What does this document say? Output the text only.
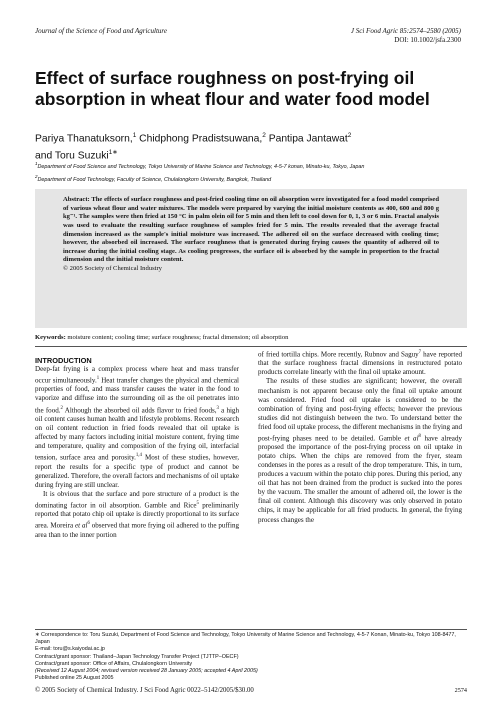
Journal of the Science of Food and Agriculture	J Sci Food Agric 85:2574–2580 (2005)
DOI: 10.1002/jsfa.2300
Effect of surface roughness on post-frying oil absorption in wheat flour and water food model
Pariya Thanatuksorn,$^1$ Chidphong Pradistsuwana,$^2$ Pantipa Jantawat$^2$
and Toru Suzuki$^{1∗}$
$^1$Department of Food Science and Technology, Tokyo University of Marine Science and Technology, 4-5-7 konan, Minato-ku, Tokyo, Japan
$^2$Department of Food Technology, Faculty of Science, Chulalongkorn University, Bangkok, Thailand

Abstract: The effects of surface roughness and post-fried cooling time on oil absorption were investigated for a food model comprised of various wheat flour and water mixtures. The models were prepared by varying the initial moisture contents as 400, 600 and 800 g kg⁻¹. The samples were then fried at 150 °C in palm olein oil for 5 min and then left to cool down for 0, 1, 3 or 6 min. Fractal analysis was used to evaluate the resulting surface roughness of samples fried for 5 min. The results revealed that the average fractal dimension increased as the sample's initial moisture was increased. The adhered oil on the surface decreased with cooling time; however, the absorbed oil increased. The surface roughness that is generated during frying causes the quantity of adhered oil to increase during the initial cooling stage. As cooling progresses, the surface oil is absorbed by the sample in proportion to the fractal dimension and the initial moisture content.

© 2005 Society of Chemical Industry

Keywords: moisture content; cooling time; surface roughness; fractal dimension; oil absorption

INTRODUCTION

Deep-fat frying is a complex process where heat and mass transfer occur simultaneously.$^1$ Heat transfer changes the physical and chemical properties of food, and mass transfer causes the water in the food to vaporize and diffuse into the surrounding oil as the oil penetrates into the food.$^2$ Although the absorbed oil adds flavor to fried foods,$^3$ a high oil content causes human health and lifestyle problems. Recent research on oil content reduction in fried foods revealed that oil uptake is affected by many factors including initial moisture content, frying time and temperature, quality and composition of the frying oil, interfacial tension, surface area and porosity.$^{1,4}$ Most of these studies, however, report the results for a specific type of product and cannot be generalized. Therefore, the overall factors and mechanisms of oil uptake during frying are still unclear.

It is obvious that the surface and pore structure of a product is the dominating factor in oil absorption. Gamble and Rice$^5$ preliminarily reported that potato chip oil uptake is directly proportional to its surface area. Moreira et $al^6$ observed that more frying oil adhered to the puffing area than to the inner portion

of fried tortilla chips. More recently, Rubnov and Saguy$^7$ have reported that the surface roughness fractal dimensions in restructured potato products correlate linearly with the final oil uptake amount.

The results of these studies are significant; however, the overall mechanism is not apparent because only the final oil uptake amount was considered. Fried food oil uptake is considered to be the combination of frying and post-frying effects; however the previous studies did not distinguish between the two. To understand better the fried food oil uptake process, the different mechanisms in the frying and post-frying phases need to be detailed. Gamble et $al^8$ have already proposed the importance of the post-frying process on oil uptake in potato chips. When the chips are removed from the fryer, steam condenses in the pores as a result of the drop temperature. This, in turn, produces a vacuum within the potato chip pores. During this period, any oil that has not been drained from the product is sucked into the pores by the vacuum. The smaller the amount of adhered oil, the lower is the final oil content. Although this discovery was only observed in potato chips, it may be applicable for all fried products. In general, the frying process changes the

∗ Correspondence to: Toru Suzuki, Department of Food Science and Technology, Tokyo University of Marine Science and Technology, 4-5-7 Konan, Minato-ku, Tokyo 108-8477, Japan
E-mail: toru@s.kaiyodai.ac.jp
Contract/grant sponsor: Thailand–Japan Technology Transfer Project (TJTTP–OECF)
Contract/grant sponsor: Office of Affairs, Chulalongkorn University
(Received 12 August 2004; revised version received 28 January 2005; accepted 4 April 2005)
Published online 25 August 2005
© 2005 Society of Chemical Industry. J Sci Food Agric 0022–5142/2005/$30.00	2574
